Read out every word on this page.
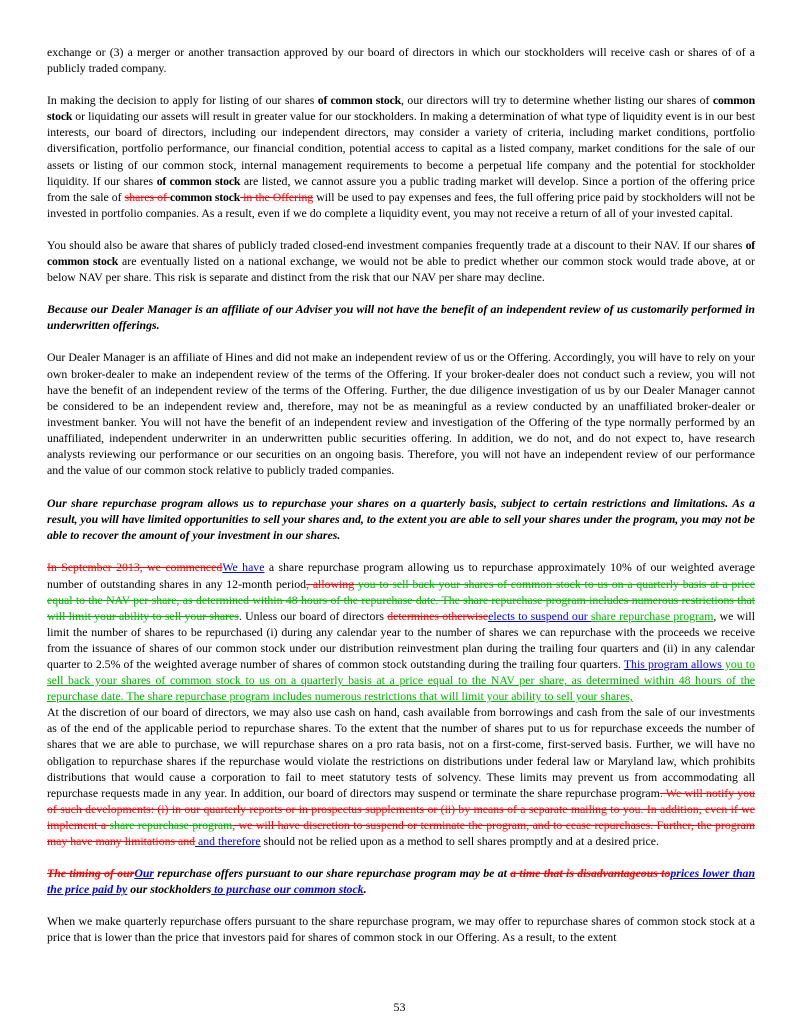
exchange or (3) a merger or another transaction approved by our board of directors in which our stockholders will receive cash or shares of of a publicly traded company.

In making the decision to apply for listing of our shares of common stock, our directors will try to determine whether listing our shares of common stock or liquidating our assets will result in greater value for our stockholders. In making a determination of what type of liquidity event is in our best interests, our board of directors, including our independent directors, may consider a variety of criteria, including market conditions, portfolio diversification, portfolio performance, our financial condition, potential access to capital as a listed company, market conditions for the sale of our assets or listing of our common stock, internal management requirements to become a perpetual life company and the potential for stockholder liquidity. If our shares of common stock are listed, we cannot assure you a public trading market will develop. Since a portion of the offering price from the sale of shares of common stock in the Offering will be used to pay expenses and fees, the full offering price paid by stockholders will not be invested in portfolio companies. As a result, even if we do complete a liquidity event, you may not receive a return of all of your invested capital.

You should also be aware that shares of publicly traded closed-end investment companies frequently trade at a discount to their NAV. If our shares of common stock are eventually listed on a national exchange, we would not be able to predict whether our common stock would trade above, at or below NAV per share. This risk is separate and distinct from the risk that our NAV per share may decline.

Because our Dealer Manager is an affiliate of our Adviser you will not have the benefit of an independent review of us customarily performed in underwritten offerings.

Our Dealer Manager is an affiliate of Hines and did not make an independent review of us or the Offering. Accordingly, you will have to rely on your own broker-dealer to make an independent review of the terms of the Offering. If your broker-dealer does not conduct such a review, you will not have the benefit of an independent review of the terms of the Offering. Further, the due diligence investigation of us by our Dealer Manager cannot be considered to be an independent review and, therefore, may not be as meaningful as a review conducted by an unaffiliated broker-dealer or investment banker. You will not have the benefit of an independent review and investigation of the Offering of the type normally performed by an unaffiliated, independent underwriter in an underwritten public securities offering. In addition, we do not, and do not expect to, have research analysts reviewing our performance or our securities on an ongoing basis. Therefore, you will not have an independent review of our performance and the value of our common stock relative to publicly traded companies.

Our share repurchase program allows us to repurchase your shares on a quarterly basis, subject to certain restrictions and limitations. As a result, you will have limited opportunities to sell your shares and, to the extent you are able to sell your shares under the program, you may not be able to recover the amount of your investment in our shares.

In September 2013, we commencedWe have a share repurchase program allowing us to repurchase approximately 10% of our weighted average number of outstanding shares in any 12-month period, allowing you to sell back your shares of common stock to us on a quarterly basis at a price equal to the NAV per share, as determined within 48 hours of the repurchase date. The share repurchase program includes numerous restrictions that will limit your ability to sell your shares. Unless our board of directors determines otherwiseelects to suspend our share repurchase program, we will limit the number of shares to be repurchased (i) during any calendar year to the number of shares we can repurchase with the proceeds we receive from the issuance of shares of our common stock under our distribution reinvestment plan during the trailing four quarters and (ii) in any calendar quarter to 2.5% of the weighted average number of shares of common stock outstanding during the trailing four quarters. This program allows you to sell back your shares of common stock to us on a quarterly basis at a price equal to the NAV per share, as determined within 48 hours of the repurchase date. The share repurchase program includes numerous restrictions that will limit your ability to sell your shares,

At the discretion of our board of directors, we may also use cash on hand, cash available from borrowings and cash from the sale of our investments as of the end of the applicable period to repurchase shares. To the extent that the number of shares put to us for repurchase exceeds the number of shares that we are able to purchase, we will repurchase shares on a pro rata basis, not on a first-come, first-served basis. Further, we will have no obligation to repurchase shares if the repurchase would violate the restrictions on distributions under federal law or Maryland law, which prohibits distributions that would cause a corporation to fail to meet statutory tests of solvency. These limits may prevent us from accommodating all repurchase requests made in any year. In addition, our board of directors may suspend or terminate the share repurchase program. We will notify you of such developments: (i) in our quarterly reports or in prospectus supplements or (ii) by means of a separate mailing to you. In addition, even if we implement a share repurchase program, we will have discretion to suspend or terminate the program, and to cease repurchases. Further, the program may have many limitations and and therefore should not be relied upon as a method to sell shares promptly and at a desired price.

The timing of ourOur repurchase offers pursuant to our share repurchase program may be at a time that is disadvantageous toprices lower than the price paid by our stockholders to purchase our common stock.

When we make quarterly repurchase offers pursuant to the share repurchase program, we may offer to repurchase shares of common stock stock at a price that is lower than the price that investors paid for shares of common stock in our Offering. As a result, to the extent

53
